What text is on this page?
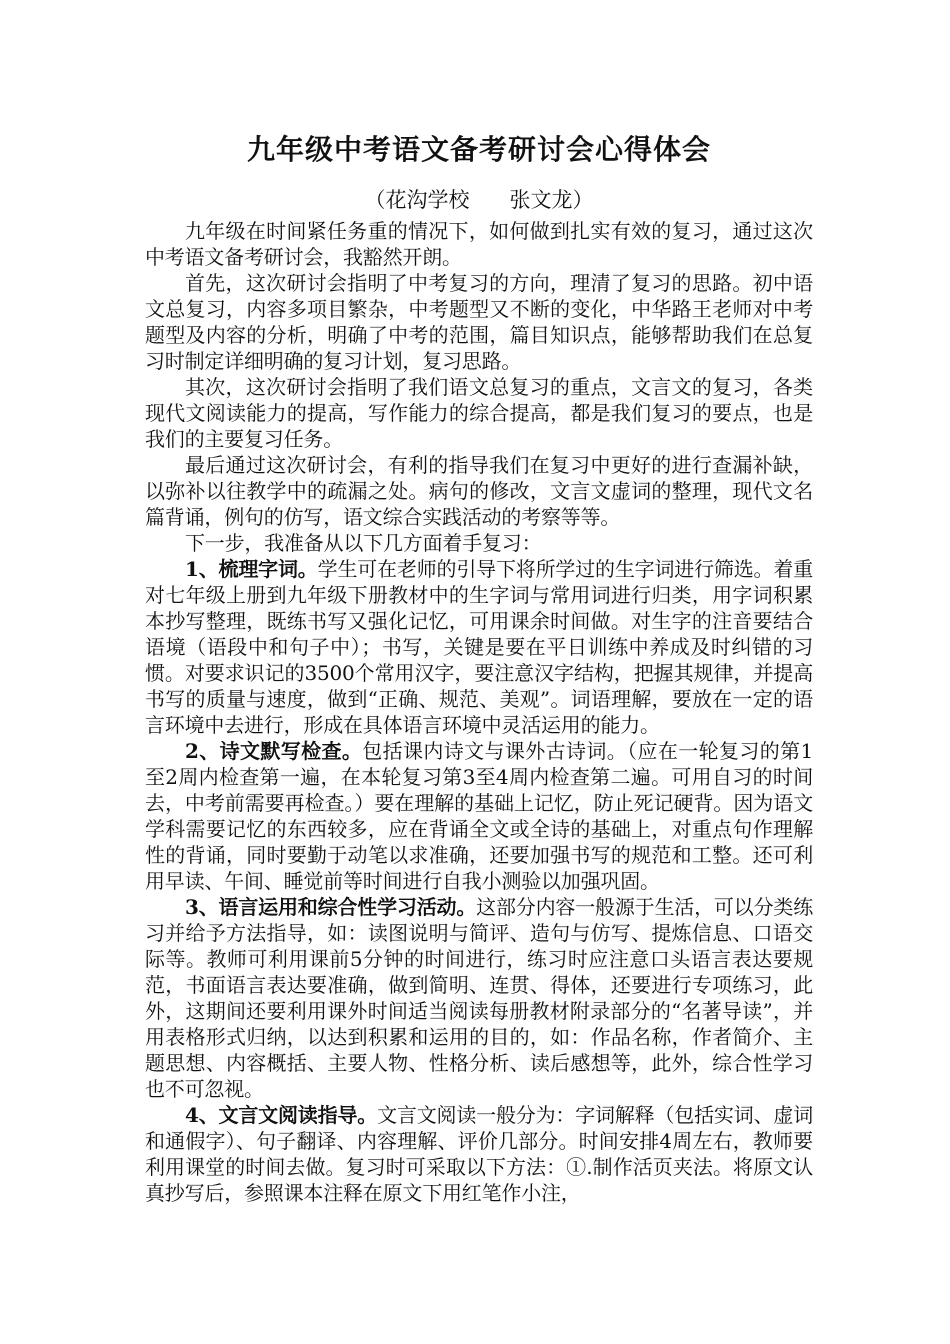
九年级中考语文备考研讨会心得体会
（花沟学校      张文龙）

九年级在时间紧任务重的情况下，如何做到扎实有效的复习，通过这次中考语文备考研讨会，我豁然开朗。

首先，这次研讨会指明了中考复习的方向，理清了复习的思路。初中语文总复习，内容多项目繁杂，中考题型又不断的变化，中华路王老师对中考题型及内容的分析，明确了中考的范围，篇目知识点，能够帮助我们在总复习时制定详细明确的复习计划，复习思路。

其次，这次研讨会指明了我们语文总复习的重点，文言文的复习，各类现代文阅读能力的提高，写作能力的综合提高，都是我们复习的要点，也是我们的主要复习任务。

最后通过这次研讨会，有利的指导我们在复习中更好的进行查漏补缺，以弥补以往教学中的疏漏之处。病句的修改，文言文虚词的整理，现代文名篇背诵，例句的仿写，语文综合实践活动的考察等等。

下一步，我准备从以下几方面着手复习：

1、梳理字词。学生可在老师的引导下将所学过的生字词进行筛选。着重对七年级上册到九年级下册教材中的生字词与常用词进行归类，用字词积累本抄写整理，既练书写又强化记忆，可用课余时间做。对生字的注音要结合语境（语段中和句子中）；书写，关键是要在平日训练中养成及时纠错的习惯。对要求识记的3500个常用汉字，要注意汉字结构，把握其规律，并提高书写的质量与速度，做到“正确、规范、美观”。词语理解，要放在一定的语言环境中去进行，形成在具体语言环境中灵活运用的能力。

2、诗文默写检查。包括课内诗文与课外古诗词。（应在一轮复习的第1至2周内检查第一遍，在本轮复习第3至4周内检查第二遍。可用自习的时间去，中考前需要再检查。）要在理解的基础上记忆，防止死记硬背。因为语文学科需要记忆的东西较多，应在背诵全文或全诗的基础上，对重点句作理解性的背诵，同时要勤于动笔以求准确，还要加强书写的规范和工整。还可利用早读、午间、睡觉前等时间进行自我小测验以加强巩固。

3、语言运用和综合性学习活动。这部分内容一般源于生活，可以分类练习并给予方法指导，如：读图说明与简评、造句与仿写、提炼信息、口语交际等。教师可利用课前5分钟的时间进行，练习时应注意口头语言表达要规范，书面语言表达要准确，做到简明、连贯、得体，还要进行专项练习，此外，这期间还要利用课外时间适当阅读每册教材附录部分的“名著导读”，并用表格形式归纳，以达到积累和运用的目的，如：作品名称，作者简介、主题思想、内容概括、主要人物、性格分析、读后感想等，此外，综合性学习也不可忽视。

4、文言文阅读指导。文言文阅读一般分为：字词解释（包括实词、虚词和通假字）、句子翻译、内容理解、评价几部分。时间安排4周左右，教师要利用课堂的时间去做。复习时可采取以下方法：①.制作活页夹法。将原文认真抄写后，参照课本注释在原文下用红笔作小注，
